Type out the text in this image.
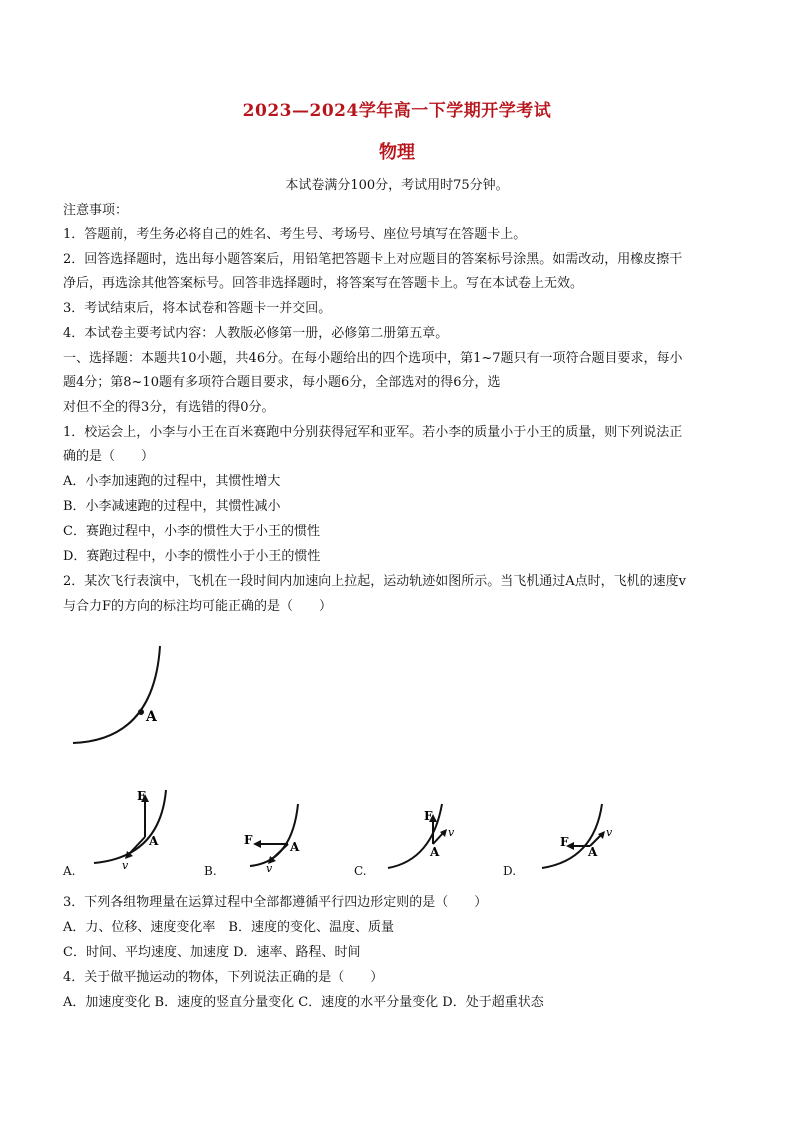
2023—2024学年高一下学期开学考试
物理
本试卷满分100分，考试用时75分钟。
注意事项：
1．答题前，考生务必将自己的姓名、考生号、考场号、座位号填写在答题卡上。
2．回答选择题时，选出每小题答案后，用铅笔把答题卡上对应题目的答案标号涂黑。如需改动，用橡皮擦干
净后，再选涂其他答案标号。回答非选择题时，将答案写在答题卡上。写在本试卷上无效。
3．考试结束后，将本试卷和答题卡一并交回。
4．本试卷主要考试内容：人教版必修第一册，必修第二册第五章。
一、选择题：本题共10小题，共46分。在每小题给出的四个选项中，第1~7题只有一项符合题目要求，每小
题4分；第8~10题有多项符合题目要求，每小题6分，全部选对的得6分，选
对但不全的得3分，有选错的得0分。
1．校运会上，小李与小王在百米赛跑中分别获得冠军和亚军。若小李的质量小于小王的质量，则下列说法正
确的是（　　）
A．小李加速跑的过程中，其惯性增大
B．小李减速跑的过程中，其惯性减小
C．赛跑过程中，小李的惯性大于小王的惯性
D．赛跑过程中，小李的惯性小于小王的惯性
2．某次飞行表演中，飞机在一段时间内加速向上拉起，运动轨迹如图所示。当飞机通过A点时，飞机的速度v
与合力F的方向的标注均可能正确的是（　　）
A
F
v
A	F
v
A
F
v
A
F
v
A
A.	B.	C.	D.
3．下列各组物理量在运算过程中全部都遵循平行四边形定则的是（　　）
A．力、位移、速度变化率　B．速度的变化、温度、质量
C．时间、平均速度、加速度 D．速率、路程、时间
4．关于做平抛运动的物体，下列说法正确的是（　　）
A．加速度变化 B．速度的竖直分量变化 C．速度的水平分量变化 D．处于超重状态
